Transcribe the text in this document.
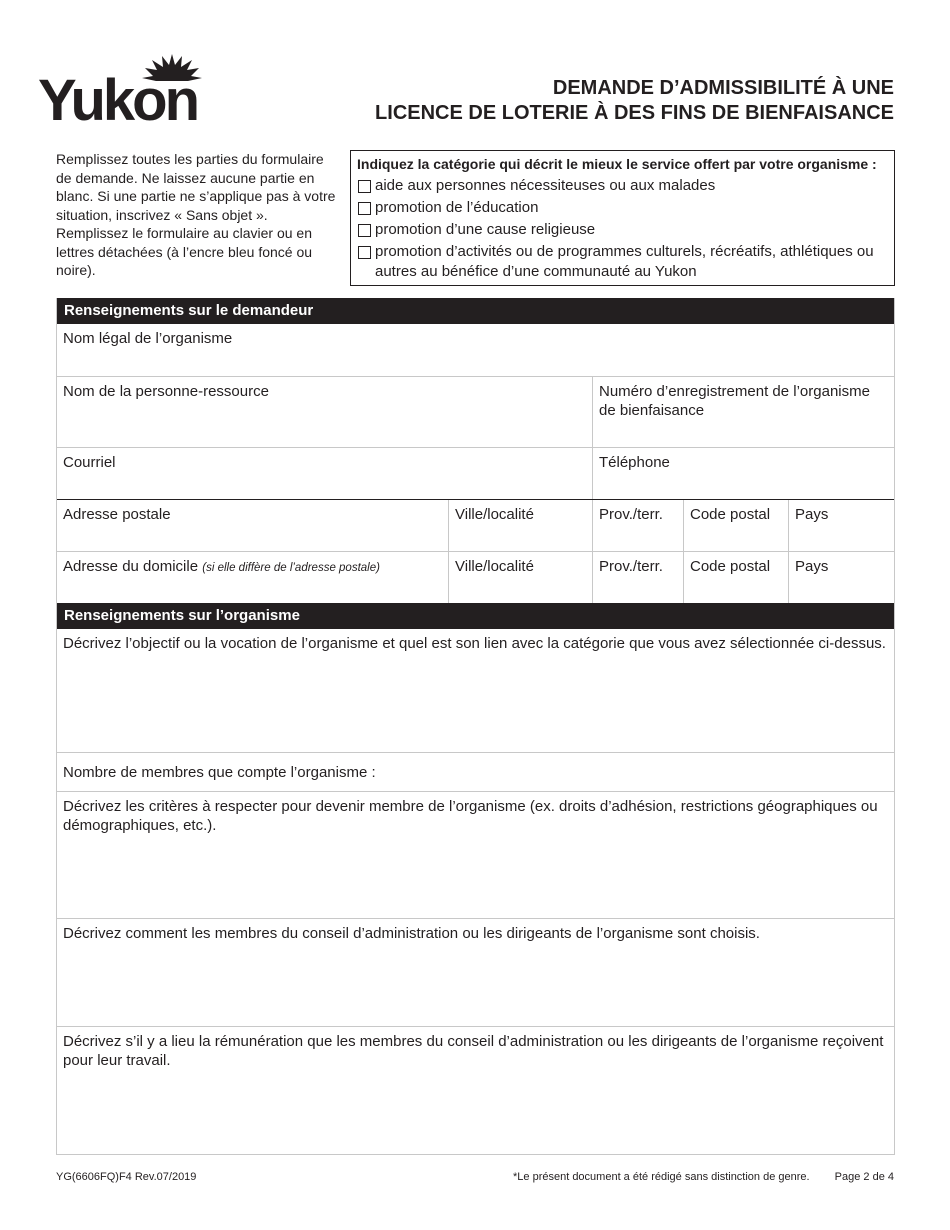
Yukon	DEMANDE D’ADMISSIBILITÉ À UNE
LICENCE DE LOTERIE À DES FINS DE BIENFAISANCE
Remplissez toutes les parties du formulaire de demande. Ne laissez aucune partie en blanc. Si une partie ne s’applique pas à votre situation, inscrivez « Sans objet ». Remplissez le formulaire au clavier ou en lettres détachées (à l’encre bleu foncé ou noire).
Indiquez la catégorie qui décrit le mieux le service offert par votre organisme :
aide aux personnes nécessiteuses ou aux malades
promotion de l’éducation
promotion d’une cause religieuse
promotion d’activités ou de programmes culturels, récréatifs, athlétiques ou autres au bénéfice d’une communauté au Yukon
Renseignements sur le demandeur
Nom légal de l’organisme
Nom de la personne-ressource	Numéro d’enregistrement de l’organisme de bienfaisance
Courriel	Téléphone
Adresse postale	Ville/localité	Prov./terr.	Code postal	Pays
Adresse du domicile (si elle diffère de l’adresse postale)	Ville/localité	Prov./terr.	Code postal	Pays
Renseignements sur l’organisme
Décrivez l’objectif ou la vocation de l’organisme et quel est son lien avec la catégorie que vous avez sélectionnée ci-dessus.
Nombre de membres que compte l’organisme :
Décrivez les critères à respecter pour devenir membre de l’organisme (ex. droits d’adhésion, restrictions géographiques ou démographiques, etc.).
Décrivez comment les membres du conseil d’administration ou les dirigeants de l’organisme sont choisis.
Décrivez s’il y a lieu la rémunération que les membres du conseil d’administration ou les dirigeants de l’organisme reçoivent pour leur travail.
YG(6606FQ)F4 Rev.07/2019	*Le présent document a été rédigé sans distinction de genre. Page 2 de 4
